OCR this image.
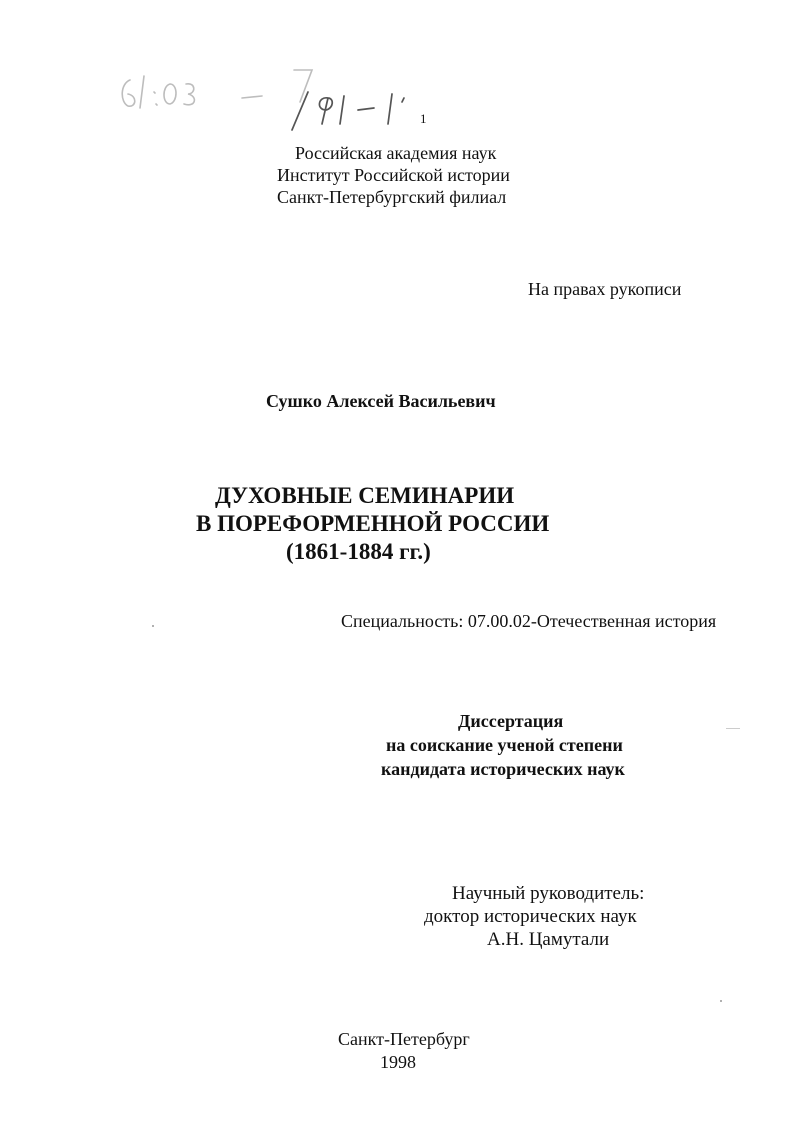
1
Российская академия наук
Институт Российской истории
Санкт-Петербургский филиал
На правах рукописи
Сушко Алексей Васильевич
ДУХОВНЫЕ СЕМИНАРИИ
В ПОРЕФОРМЕННОЙ РОССИИ
(1861-1884 гг.)
Специальность: 07.00.02-Отечественная история
Диссертация
на соискание ученой степени
кандидата исторических наук
Научный руководитель:
доктор исторических наук
А.Н. Цамутали
Санкт-Петербург
1998
